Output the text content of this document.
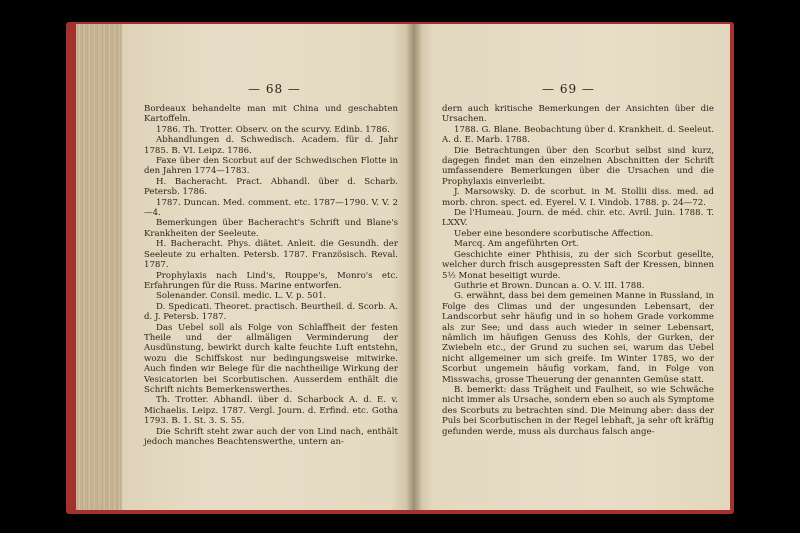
— 68 —

Bordeaux behandelte man mit China und geschabten Kartoffeln.

1786. Th. Trotter. Observ. on the scurvy. Edinb. 1786.

Abhandlungen d. Schwedisch. Academ. für d. Jahr 1785. B. VI. Leipz. 1786.

Faxe über den Scorbut auf der Schwedischen Flotte in den Jahren 1774—1783.

H. Bacheracht. Pract. Abhandl. über d. Scharb. Petersb. 1786.

1787. Duncan. Med. comment. etc. 1787—1790. V. V. 2—4.

Bemerkungen über Bacheracht's Schrift und Blane's Krankheiten der Seeleute.

H. Bacheracht. Phys. diätet. Anleit. die Gesundh. der Seeleute zu erhalten. Petersb. 1787. Französisch. Reval. 1787.

Prophylaxis nach Lind's, Rouppe's, Monro's etc. Erfahrungen für die Russ. Marine entworfen.

Solenander. Consil. medic. L. V. p. 501.

D. Spedicati. Theoret. practisch. Beurtheil. d. Scorb. A. d. J. Petersb. 1787.

Das Uebel soll als Folge von Schlaffheit der festen Theile und der allmäligen Verminderung der Ausdünstung, bewirkt durch kalte feuchte Luft entstehn, wozu die Schiffskost nur bedingungsweise mitwirke. Auch finden wir Belege für die nachtheilige Wirkung der Vesicatorien bei Scorbutischen. Ausserdem enthält die Schrift nichts Bemerkenswerthes.

Th. Trotter. Abhandl. über d. Scharbock A. d. E. v. Michaelis. Leipz. 1787. Vergl. Journ. d. Erfind. etc. Gotha 1793. B. 1. St. 3. S. 55.

Die Schrift steht zwar auch der von Lind nach, enthält jedoch manches Beachtenswerthe, untern an-

— 69 —

dern auch kritische Bemerkungen der Ansichten über die Ursachen.

1788. G. Blane. Beobachtung über d. Krankheit. d. Seeleut. A. d. E. Marb. 1788.

Die Betrachtungen über den Scorbut selbst sind kurz, dagegen findet man den einzelnen Abschnitten der Schrift umfassendere Bemerkungen über die Ursachen und die Prophylaxis einverleibt.

J. Marsowsky. D. de scorbut. in M. Stollii diss. med. ad morb. chron. spect. ed. Eyerel. V. I. Vindob. 1788. p. 24—72.

De l'Humeau. Journ. de méd. chir. etc. Avril. Juin. 1788. T. LXXV.

Ueber eine besondere scorbutische Affection.

Marcq. Am angeführten Ort.

Geschichte einer Phthisis, zu der sich Scorbut gesellte, welcher durch frisch ausgepressten Saft der Kressen, binnen 5½ Monat beseitigt wurde.

Guthrie et Brown. Duncan a. O. V. III. 1788.

G. erwähnt, dass bei dem gemeinen Manne in Russland, in Folge des Climas und der ungesunden Lebensart, der Landscorbut sehr häufig und in so hohem Grade vorkomme als zur See; und dass auch wieder in seiner Lebensart, nämlich im häufigen Genuss des Kohls, der Gurken, der Zwiebeln etc., der Grund zu suchen sei, warum das Uebel nicht allgemeiner um sich greife. Im Winter 1785, wo der Scorbut ungemein häufig vorkam, fand, in Folge von Misswachs, grosse Theuerung der genannten Gemüse statt.

B. bemerkt: dass Trägheit und Faulheit, so wie Schwäche nicht immer als Ursache, sondern eben so auch als Symptome des Scorbuts zu betrachten sind. Die Meinung aber: dass der Puls bei Scorbutischen in der Regel lebhaft, ja sehr oft kräftig gefunden werde, muss als durchaus falsch ange-
